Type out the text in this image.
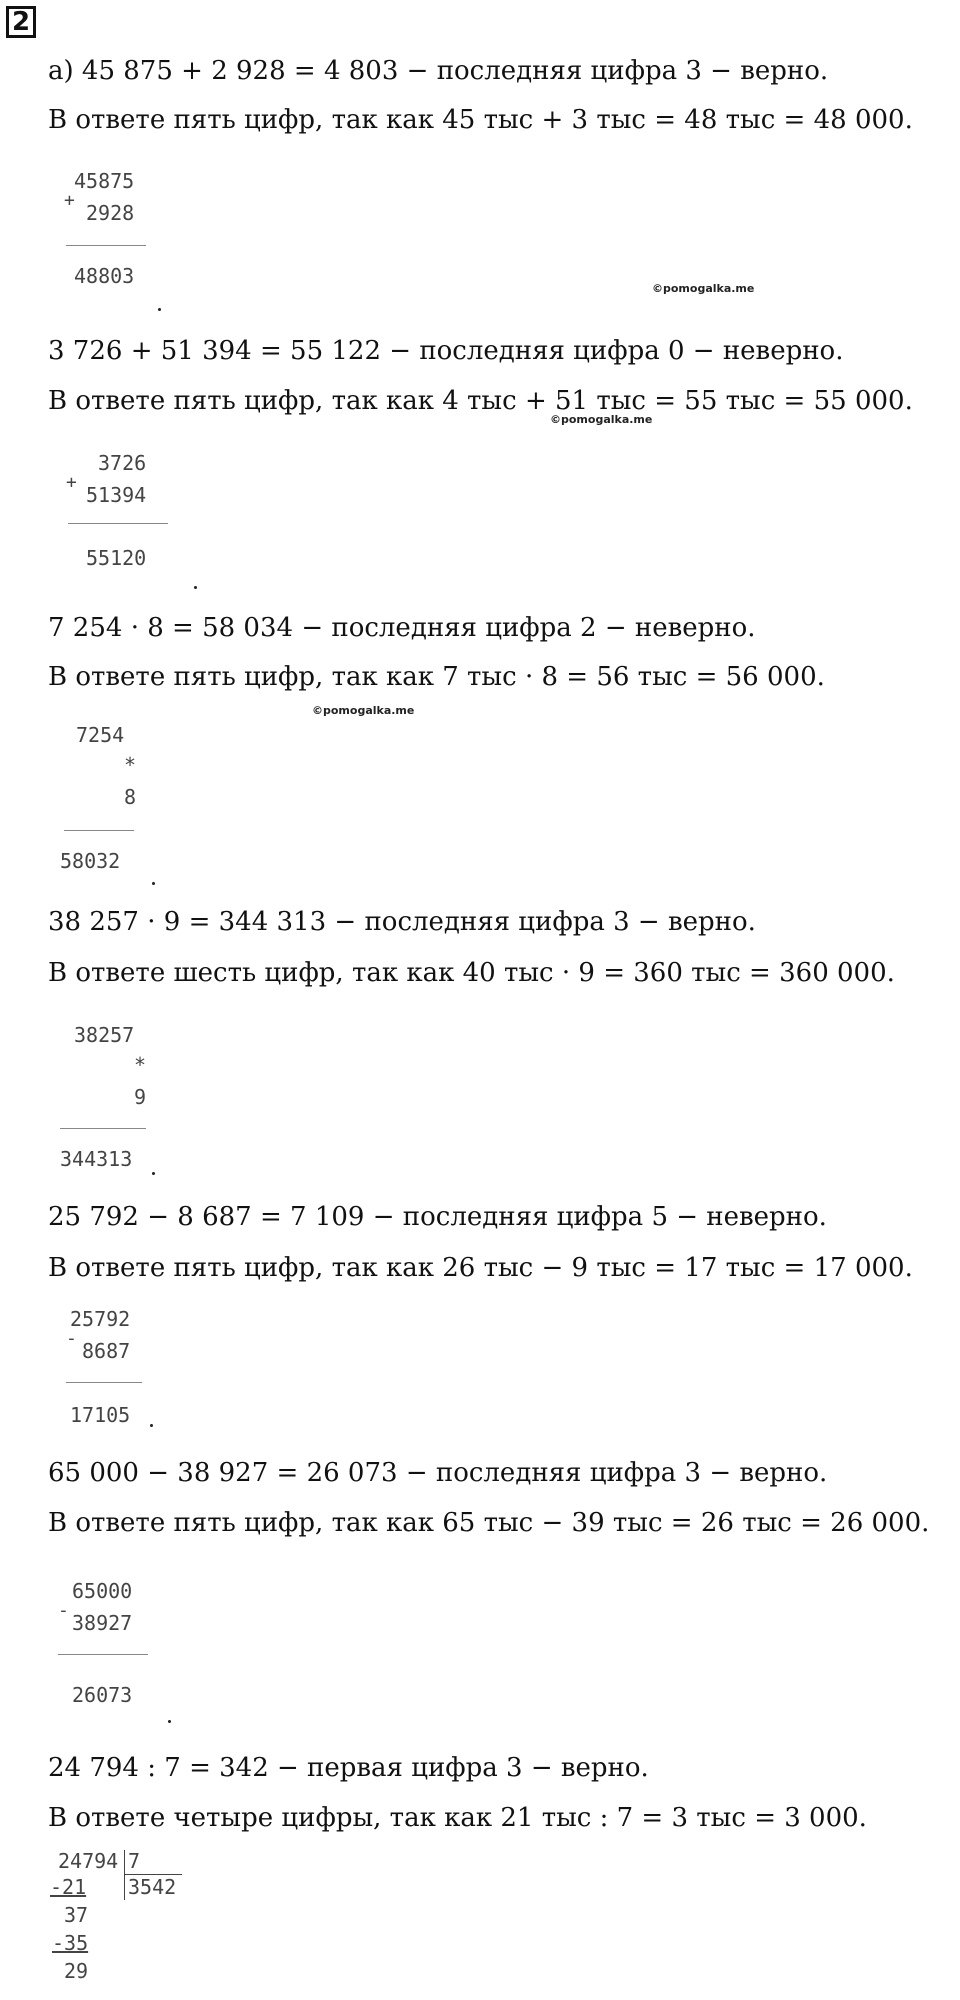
2
а) 45 875 + 2 928 = 4 803 − последняя цифра 3 − верно.
В ответе пять цифр, так как 45 тыс + 3 тыс = 48 тыс = 48 000.

+

45875

2928

48803

©pomogalka.me
3 726 + 51 394 = 55 122 − последняя цифра 0 − неверно.
В ответе пять цифр, так как 4 тыс + 51 тыс = 55 тыс = 55 000.
©pomogalka.me

+

3726

51394

55120

7 254 · 8 = 58 034 − последняя цифра 2 − неверно.
В ответе пять цифр, так как 7 тыс · 8 = 56 тыс = 56 000.
©pomogalka.me

7254

*

8

58032

38 257 · 9 = 344 313 − последняя цифра 3 − верно.
В ответе шесть цифр, так как 40 тыс · 9 = 360 тыс = 360 000.

38257

*

9

344313

25 792 − 8 687 = 7 109 − последняя цифра 5 − неверно.
В ответе пять цифр, так как 26 тыс − 9 тыс = 17 тыс = 17 000.

-

25792

8687

17105

65 000 − 38 927 = 26 073 − последняя цифра 3 − верно.
В ответе пять цифр, так как 65 тыс − 39 тыс = 26 тыс = 26 000.

-

65000

38927

26073

24 794 : 7 = 342 − первая цифра 3 − верно.
В ответе четыре цифры, так как 21 тыс : 7 = 3 тыс = 3 000.

24794

7

3542

-21

37

-35

29
